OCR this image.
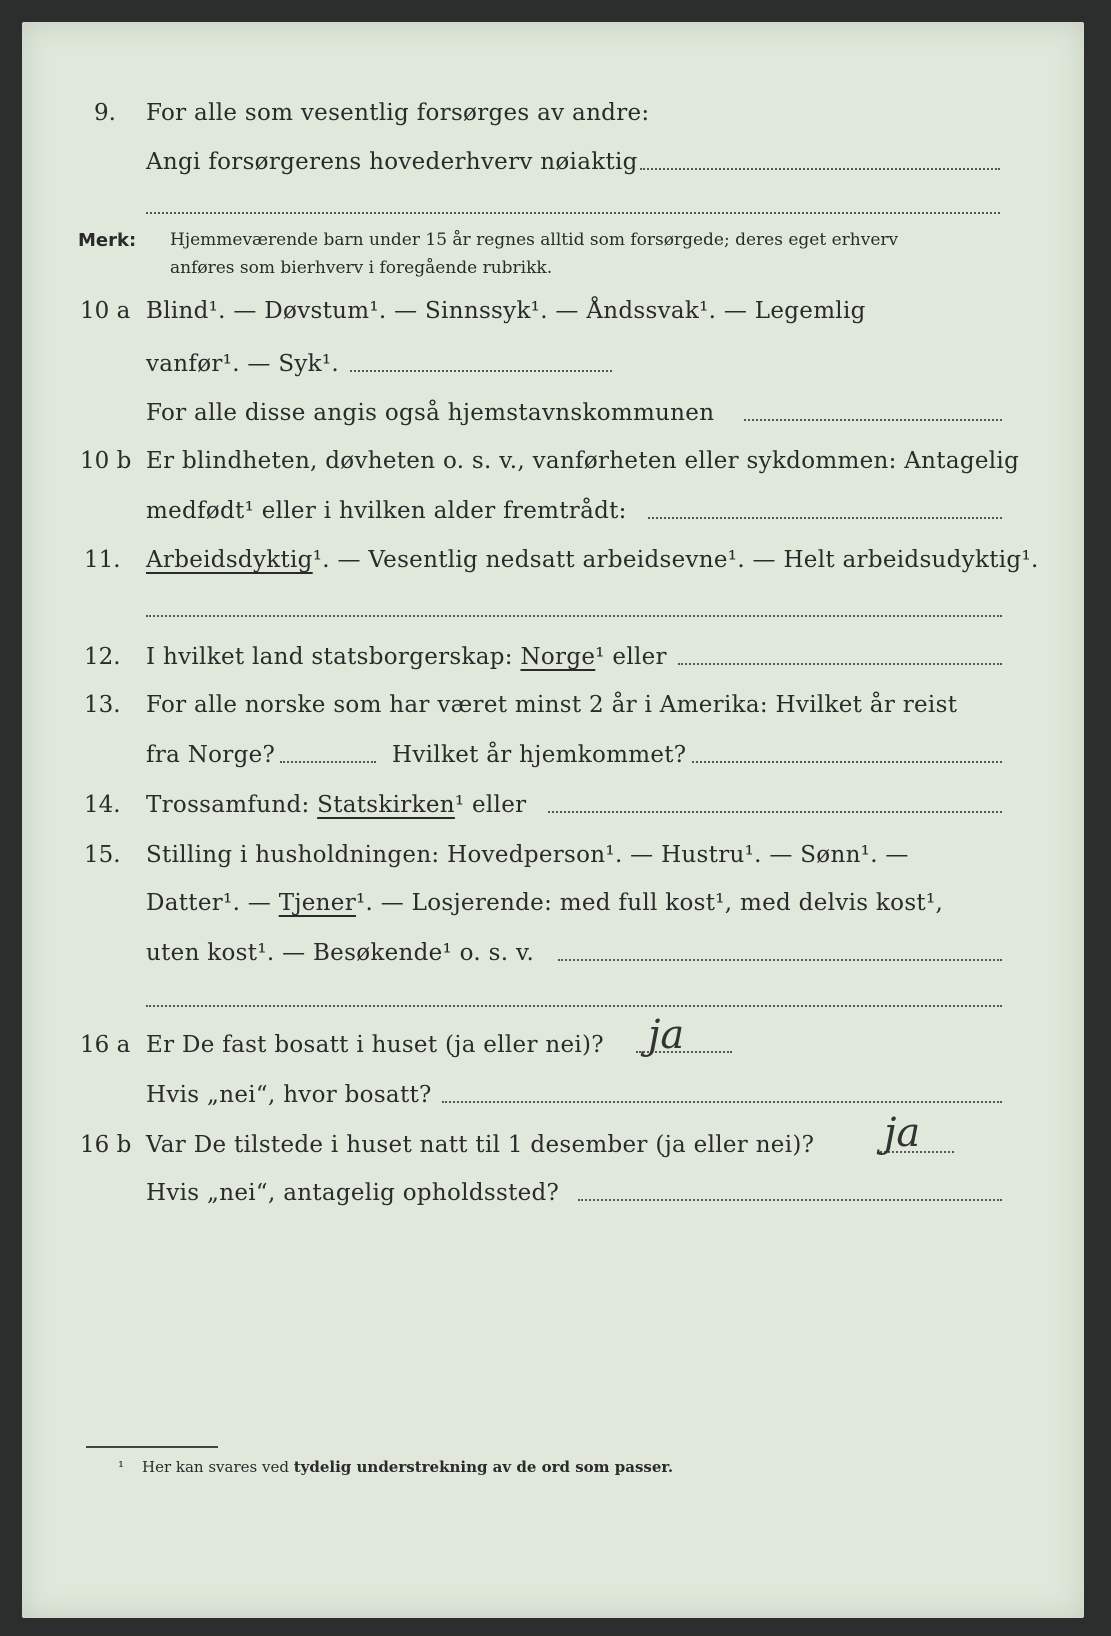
9. For alle som vesentlig forsørges av andre:
Angi forsørgerens hovederhverv nøiaktig
Merk: Hjemmeværende barn under 15 år regnes alltid som forsørgede; deres eget erhverv
anføres som bierhverv i foregående rubrikk.
10 a Blind¹. — Døvstum¹. — Sinnssyk¹. — Åndssvak¹. — Legemlig
vanfør¹. — Syk¹.
For alle disse angis også hjemstavnskommunen
10 b Er blindheten, døvheten o. s. v., vanførheten eller sykdommen: Antagelig
medfødt¹ eller i hvilken alder fremtrådt:
11. Arbeidsdyktig¹. — Vesentlig nedsatt arbeidsevne¹. — Helt arbeidsudyktig¹.
12. I hvilket land statsborgerskap: Norge¹ eller
13. For alle norske som har været minst 2 år i Amerika: Hvilket år reist
fra Norge?	Hvilket år hjemkommet?
14. Trossamfund: Statskirken¹ eller
15. Stilling i husholdningen: Hovedperson¹. — Hustru¹. — Sønn¹. —
Datter¹. — Tjener¹. — Losjerende: med full kost¹, med delvis kost¹,
uten kost¹. — Besøkende¹ o. s. v.
16 a Er De fast bosatt i huset (ja eller nei)? ja
Hvis „nei“, hvor bosatt?
16 b Var De tilstede i huset natt til 1 desember (ja eller nei)? ja
Hvis „nei“, antagelig opholdssted?
¹ Her kan svares ved tydelig understrekning av de ord som passer.
